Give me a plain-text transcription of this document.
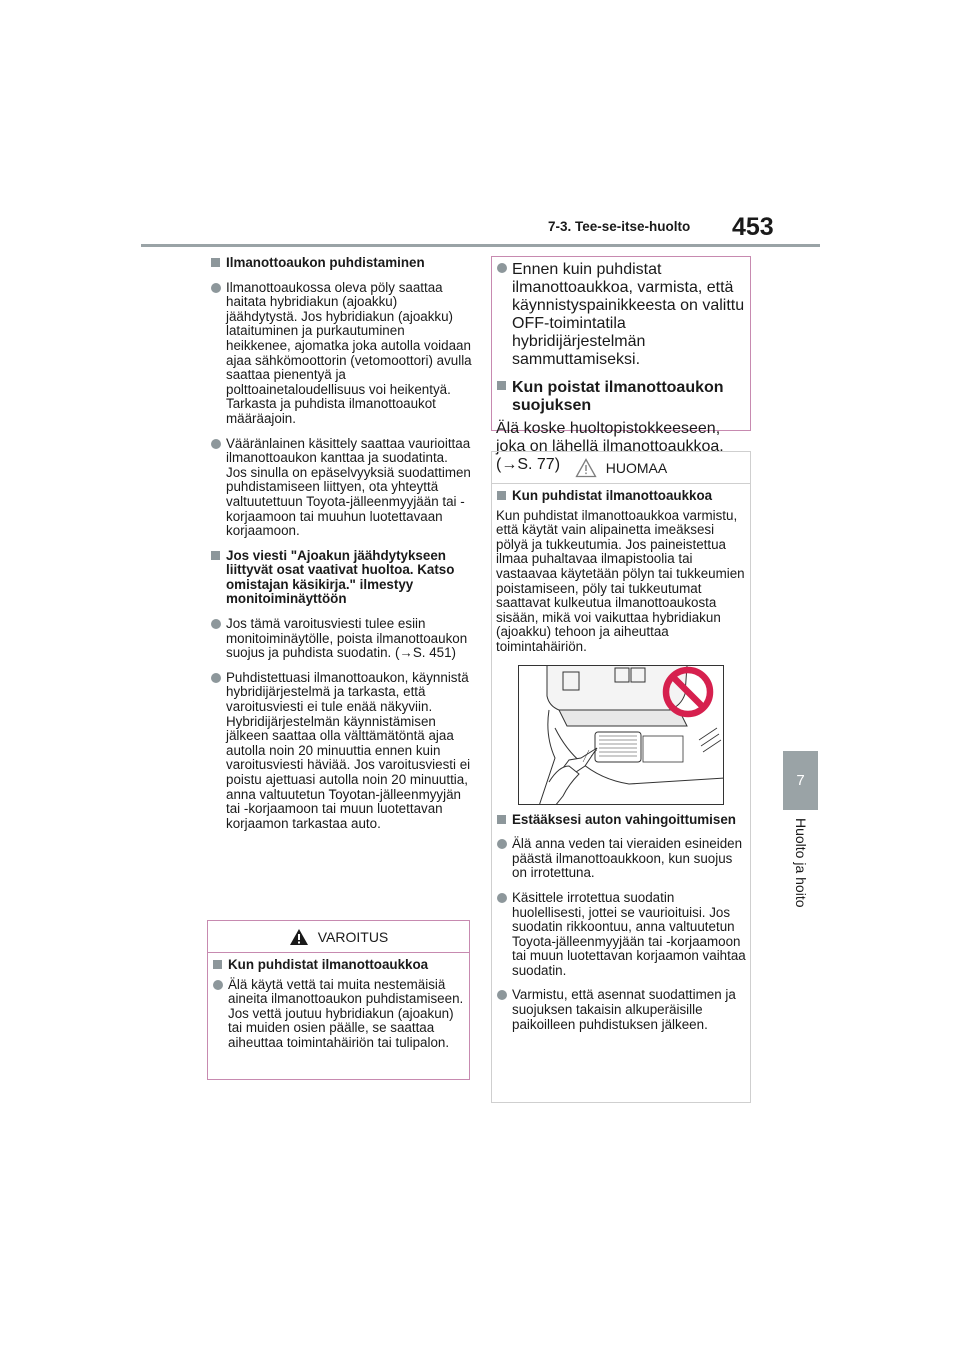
7-3. Tee-se-itse-huolto 453
7
Huolto ja hoito
Ilmanottoaukon puhdistaminen
Ilmanottoaukossa oleva pöly saattaa haitata hybridiakun (ajoakku) jäähdytystä. Jos hybridiakun (ajoakku) lataituminen ja purkautuminen heikkenee, ajomatka joka autolla voidaan ajaa sähkömoottorin (vetomoottori) avulla saattaa pienentyä ja polttoainetaloudellisuus voi heikentyä.
Tarkasta ja puhdista ilmanottoaukot määräajoin.
Vääränlainen käsittely saattaa vaurioittaa ilmanottoaukon kanttaa ja suodatinta. Jos sinulla on epäselvyyksiä suodattimen puhdistamiseen liittyen, ota yhteyttä valtuutettuun Toyota-jälleenmyyjään tai -korjaamoon tai muuhun luotettavaan korjaamoon.
Jos viesti "Ajoakun jäähdytykseen liittyvät osat vaativat huoltoa. Katso omistajan käsikirja." ilmestyy monitoiminäyttöön
Jos tämä varoitusviesti tulee esiin monitoiminäytölle, poista ilmanottoaukon suojus ja puhdista suodatin. (→S. 451)
Puhdistettuasi ilmanottoaukon, käynnistä hybridijärjestelmä ja tarkasta, että varoitusviesti ei tule enää näkyviin. Hybridijärjestelmän käynnistämisen jälkeen saattaa olla välttämätöntä ajaa autolla noin 20 minuuttia ennen kuin varoitusviesti häviää. Jos varoitusviesti ei poistu ajettuasi autolla noin 20 minuuttia, anna valtuutetun Toyotan-jälleenmyyjän tai -korjaamoon tai muun luotettavan korjaamon tarkastaa auto.
VAROITUS
Kun puhdistat ilmanottoaukkoa
Älä käytä vettä tai muita nestemäisiä aineita ilmanottoaukon puhdistamiseen. Jos vettä joutuu hybridiakun (ajoakun) tai muiden osien päälle, se saattaa aiheuttaa toimintahäiriön tai tulipalon.
Ennen kuin puhdistat ilmanottoaukkoa, varmista, että käynnistyspainikkeesta on valittu OFF-toimintatila hybridijärjestelmän sammuttamiseksi.
Kun poistat ilmanottoaukon suojuksen
Älä koske huoltopistokkeeseen, joka on lähellä ilmanottoaukkoa. (→S. 77)	HUOMAA
Kun puhdistat ilmanottoaukkoa
Kun puhdistat ilmanottoaukkoa varmistu, että käytät vain alipainetta imeäksesi pölyä ja tukkeutumia. Jos paineistettua ilmaa puhaltavaa ilmapistoolia tai vastaavaa käytetään pölyn tai tukkeumien poistamiseen, pöly tai tukkeutumat saattavat kulkeutua ilmanottoaukosta sisään, mikä voi vaikuttaa hybridiakun (ajoakku) tehoon ja aiheuttaa toimintahäiriön.
Estääksesi auton vahingoittumisen
Älä anna veden tai vieraiden esineiden päästä ilmanottoaukkoon, kun suojus on irrotettuna.
Käsittele irrotettua suodatin huolellisesti, jottei se vaurioituisi. Jos suodatin rikkoontuu, anna valtuutetun Toyota-jälleenmyyjään tai -korjaamoon tai muun luotettavan korjaamon vaihtaa suodatin.
Varmistu, että asennat suodattimen ja suojuksen takaisin alkuperäisille paikoilleen puhdistuksen jälkeen.
